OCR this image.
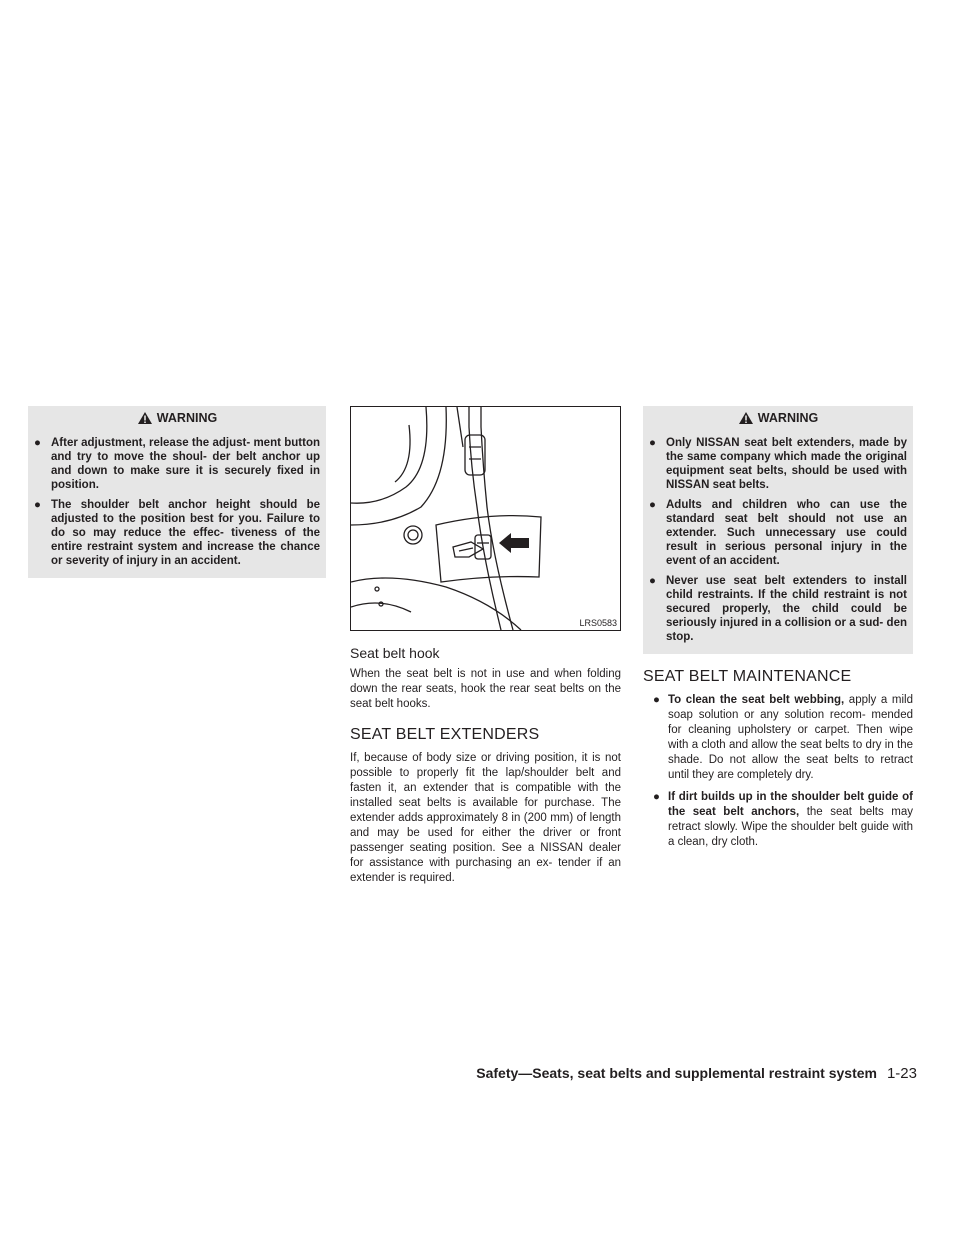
WARNING
● After adjustment, release the adjust- ment button and try to move the shoul- der belt anchor up and down to make sure it is securely fixed in position.
● The shoulder belt anchor height should be adjusted to the position best for you. Failure to do so may reduce the effec- tiveness of the entire restraint system and increase the chance or severity of injury in an accident.
LRS0583
Seat belt hook

When the seat belt is not in use and when folding down the rear seats, hook the rear seat belts on the seat belt hooks.

SEAT BELT EXTENDERS

If, because of body size or driving position, it is not possible to properly fit the lap/shoulder belt and fasten it, an extender that is compatible with the installed seat belts is available for purchase. The extender adds approximately 8 in (200 mm) of length and may be used for either the driver or front passenger seating position. See a NISSAN dealer for assistance with purchasing an ex- tender if an extender is required.

WARNING
● Only NISSAN seat belt extenders, made by the same company which made the original equipment seat belts, should be used with NISSAN seat belts.
● Adults and children who can use the standard seat belt should not use an extender. Such unnecessary use could result in serious personal injury in the event of an accident.
● Never use seat belt extenders to install child restraints. If the child restraint is not secured properly, the child could be seriously injured in a collision or a sud- den stop.
SEAT BELT MAINTENANCE
● To clean the seat belt webbing, apply a mild soap solution or any solution recom- mended for cleaning upholstery or carpet. Then wipe with a cloth and allow the seat belts to dry in the shade. Do not allow the seat belts to retract until they are completely dry.
● If dirt builds up in the shoulder belt guide of the seat belt anchors, the seat belts may retract slowly. Wipe the shoulder belt guide with a clean, dry cloth.
Safety—Seats, seat belts and supplemental restraint system 1-23
